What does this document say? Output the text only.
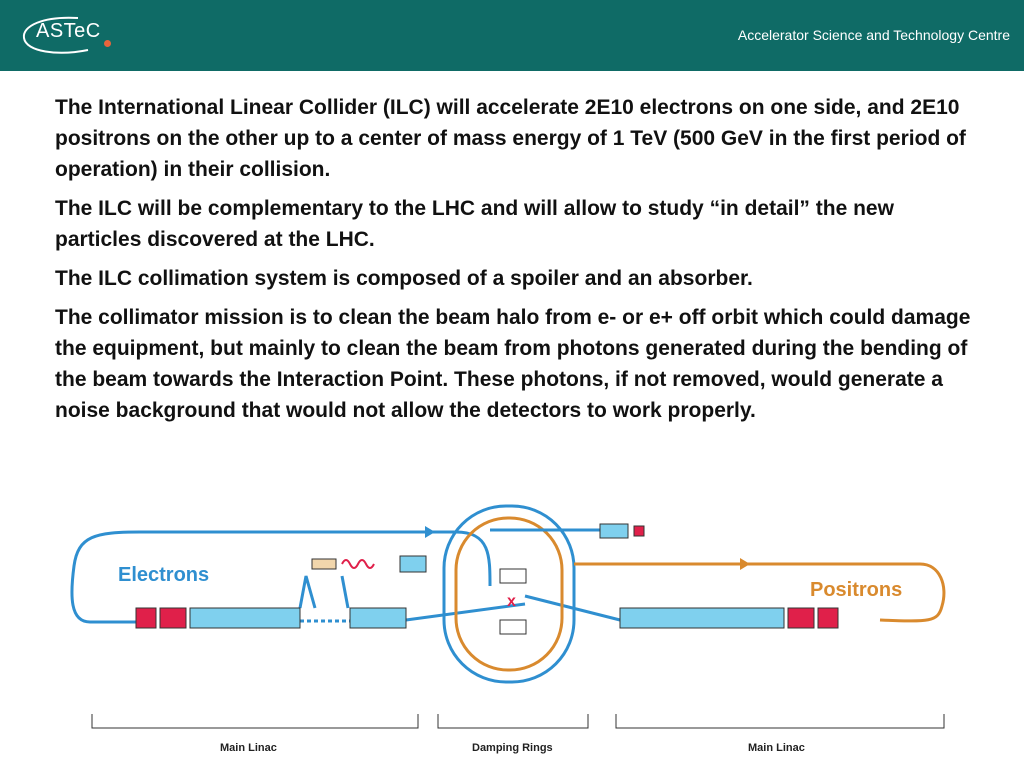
ASTeC	Accelerator Science and Technology Centre

The International Linear Collider (ILC) will accelerate 2E10 electrons on one side, and 2E10 positrons on the other up to a center of mass energy of 1 TeV (500 GeV in the first period of operation) in their collision.

The ILC will be complementary to the LHC and will allow to study “in detail” the new particles discovered at the LHC.

The ILC collimation system is composed of a spoiler and an absorber.

The collimator mission is to clean the beam halo from e- or e+ off orbit which could damage the equipment, but mainly to clean the beam from photons generated during the bending of the beam towards the Interaction Point. These photons, if not removed, would generate a noise background that would not allow the detectors to work properly.

x
Electrons
Positrons
Main Linac	Damping Rings	Main Linac
